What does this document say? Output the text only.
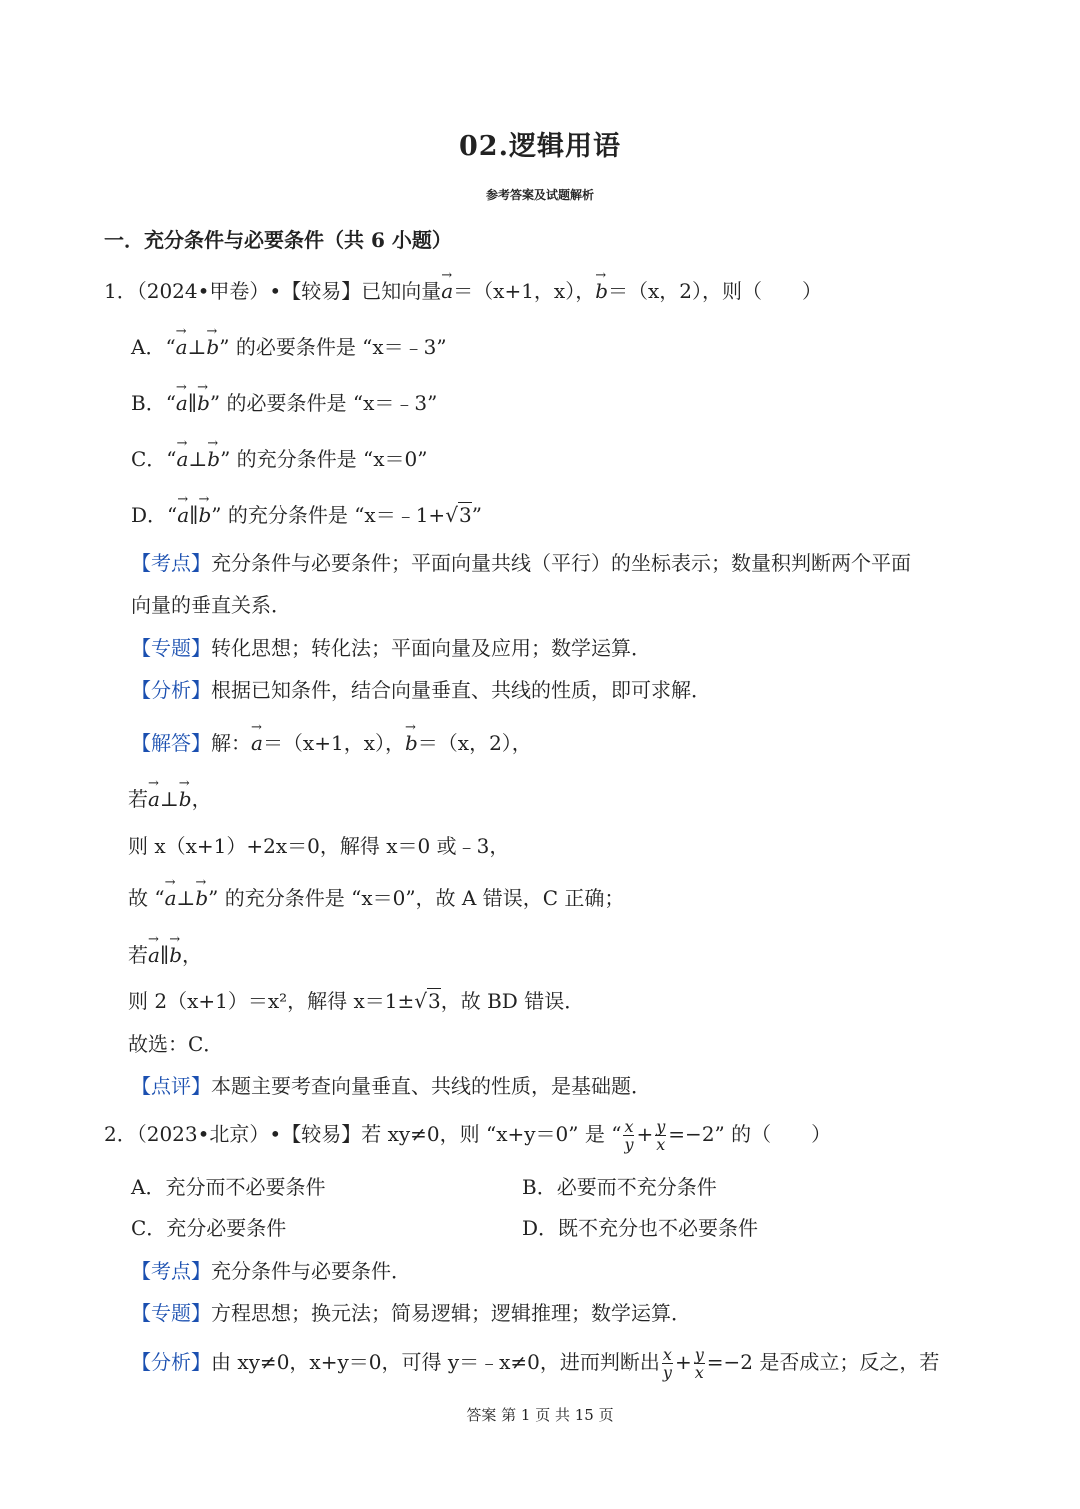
02.逻辑用语
参考答案及试题解析
一．充分条件与必要条件（共 6 小题）
1．（2024•甲卷）•【较易】已知向量→ a＝（x+1，x），→ b＝（x，2），则（　　）
A．“→ a⊥→ b” 的必要条件是 “x＝﹣3”
B．“→ a∥→ b” 的必要条件是 “x＝﹣3”
C．“→ a⊥→ b” 的充分条件是 “x＝0”
D．“→ a∥→ b” 的充分条件是 “x＝﹣1+√3”
【考点】充分条件与必要条件；平面向量共线（平行）的坐标表示；数量积判断两个平面
向量的垂直关系．
【专题】转化思想；转化法；平面向量及应用；数学运算．
【分析】根据已知条件，结合向量垂直、共线的性质，即可求解．
【解答】解：→ a＝（x+1，x），→ b＝（x，2），
若→ a⊥→ b，
则 x（x+1）+2x＝0，解得 x＝0 或﹣3，
故 “→ a⊥→ b” 的充分条件是 “x＝0”，故 A 错误，C 正确；
若→ a∥→ b，
则 2（x+1）＝x²，解得 x＝1±√3，故 BD 错误．
故选：C．
【点评】本题主要考查向量垂直、共线的性质，是基础题．
2．（2023•北京）•【较易】若 xy≠0，则 “x+y＝0” 是 “ $\frac{x}{y} + \frac{y}{x} =-2$” 的（　　）
A．充分而不必要条件	B．必要而不充分条件
C．充分必要条件	D．既不充分也不必要条件
【考点】充分条件与必要条件．
【专题】方程思想；换元法；简易逻辑；逻辑推理；数学运算．
【分析】由 xy≠0，x+y＝0，可得 y＝﹣x≠0，进而判断出 $\frac{x}{y} + \frac{y}{x} =-2$ 是否成立；反之，若
答案 第 1 页 共 15 页
